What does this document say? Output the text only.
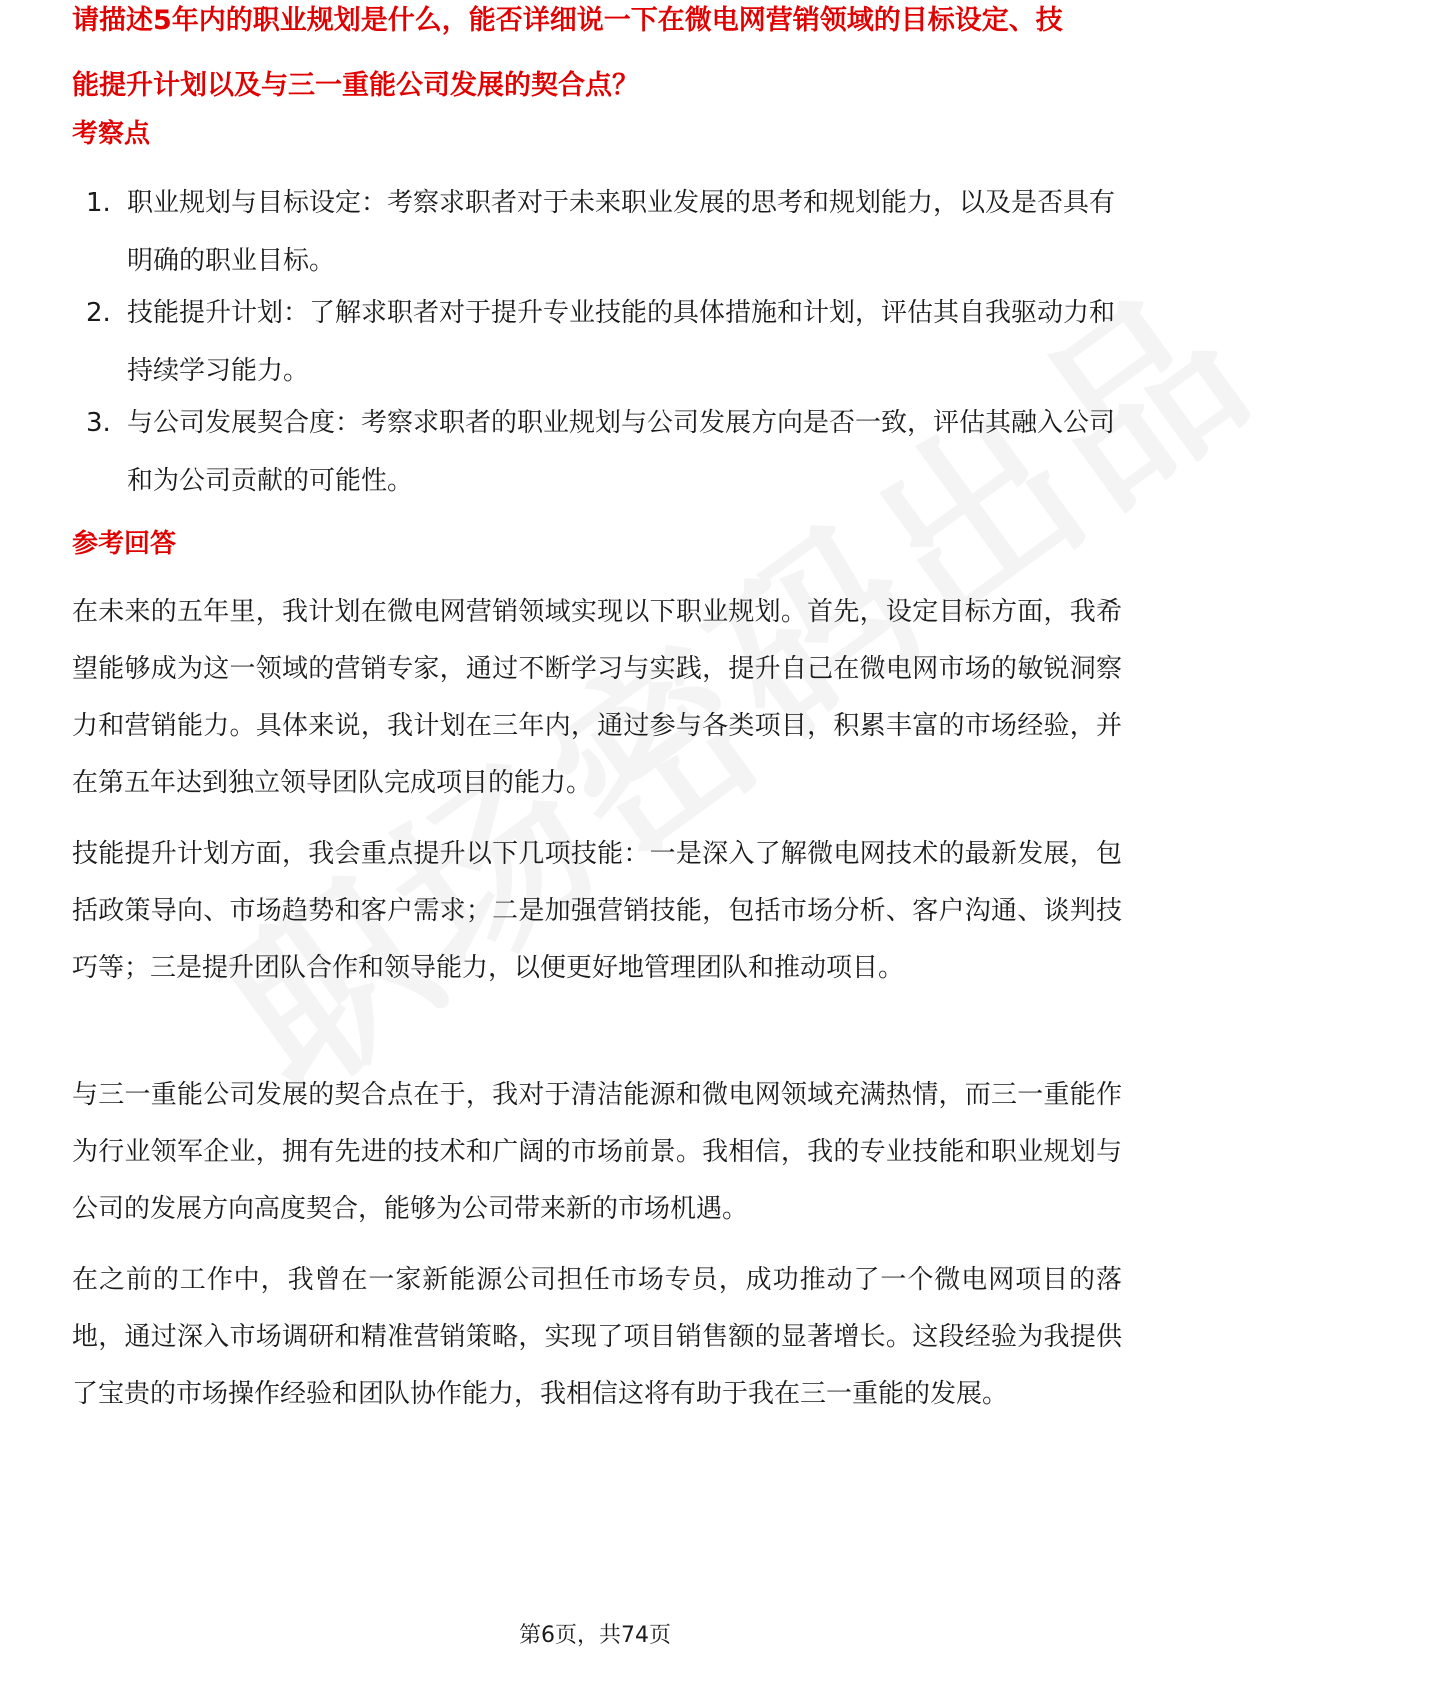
请描述5年内的职业规划是什么，能否详细说一下在微电网营销领域的目标设定、技
能提升计划以及与三一重能公司发展的契合点？
考察点
1. 职业规划与目标设定：考察求职者对于未来职业发展的思考和规划能力，以及是否具有明确的职业目标。
2. 技能提升计划：了解求职者对于提升专业技能的具体措施和计划，评估其自我驱动力和持续学习能力。
3. 与公司发展契合度：考察求职者的职业规划与公司发展方向是否一致，评估其融入公司和为公司贡献的可能性。
参考回答

在未来的五年里，我计划在微电网营销领域实现以下职业规划。首先，设定目标方面，我希望能够成为这一领域的营销专家，通过不断学习与实践，提升自己在微电网市场的敏锐洞察力和营销能力。具体来说，我计划在三年内，通过参与各类项目，积累丰富的市场经验，并在第五年达到独立领导团队完成项目的能力。

技能提升计划方面，我会重点提升以下几项技能：一是深入了解微电网技术的最新发展，包括政策导向、市场趋势和客户需求；二是加强营销技能，包括市场分析、客户沟通、谈判技巧等；三是提升团队合作和领导能力，以便更好地管理团队和推动项目。

与三一重能公司发展的契合点在于，我对于清洁能源和微电网领域充满热情，而三一重能作为行业领军企业，拥有先进的技术和广阔的市场前景。我相信，我的专业技能和职业规划与公司的发展方向高度契合，能够为公司带来新的市场机遇。

在之前的工作中，我曾在一家新能源公司担任市场专员，成功推动了一个微电网项目的落地，通过深入市场调研和精准营销策略，实现了项目销售额的显著增长。这段经验为我提供了宝贵的市场操作经验和团队协作能力，我相信这将有助于我在三一重能的发展。

第6页，共74页
